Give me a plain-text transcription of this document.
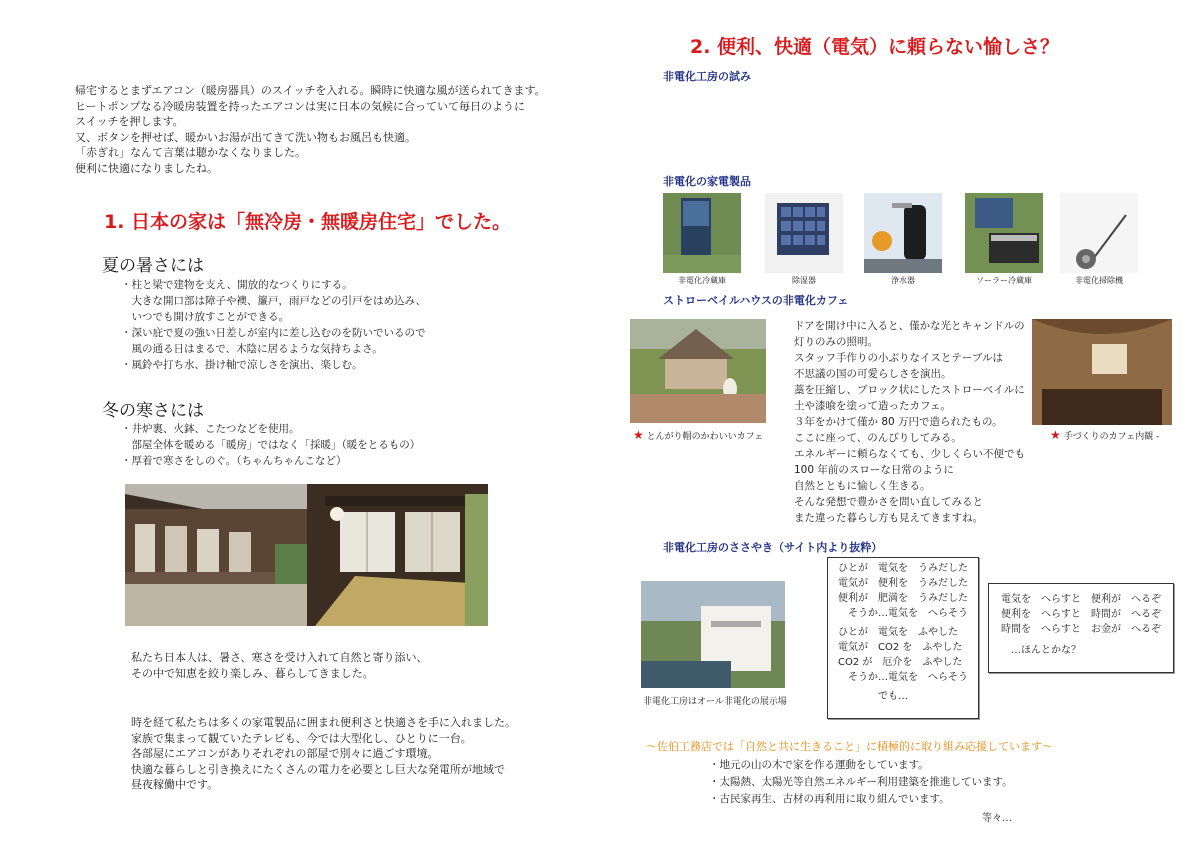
帰宅するとまずエアコン（暖房器具）のスイッチを入れる。瞬時に快適な風が送られてきます。
ヒートポンプなる冷暖房装置を持ったエアコンは実に日本の気候に合っていて毎日のように
スイッチを押します。
又、ボタンを押せば、暖かいお湯が出てきて洗い物もお風呂も快適。
「赤ぎれ」なんて言葉は聴かなくなりました。
便利に快適になりましたね。
1. 日本の家は「無冷房・無暖房住宅」でした。
夏の暑さには
・柱と梁で建物を支え、開放的なつくりにする。
　大きな開口部は障子や襖、簾戸，雨戸などの引戸をはめ込み、
　いつでも開け放すことができる。
・深い庇で夏の強い日差しが室内に差し込むのを防いでいるので
　風の通る日はまるで、木陰に居るような気持ちよさ。
・風鈴や打ち水、掛け軸で涼しさを演出、楽しむ。
冬の寒さには
・井炉裏、火鉢、こたつなどを使用。
　部屋全体を暖める「暖房」ではなく「採暖」（暖をとるもの）
・厚着で寒さをしのぐ。（ちゃんちゃんこなど）
私たち日本人は、暑さ、寒さを受け入れて自然と寄り添い、
その中で知恵を絞り楽しみ、暮らしてきました。
時を経て私たちは多くの家電製品に囲まれ便利さと快適さを手に入れました。
家族で集まって観ていたテレビも、今では大型化し、ひとりに一台。
各部屋にエアコンがありそれぞれの部屋で別々に過ごす環境。
快適な暮らしと引き換えにたくさんの電力を必要とし巨大な発電所が地域で
昼夜稼働中です。
2. 便利、快適（電気）に頼らない愉しさ？
非電化工房の試み
非電化の家電製品
非電化冷蔵庫	除湿器	浄水器	ソーラー冷蔵庫	非電化掃除機
ストローベイルハウスの非電化カフェ
★ とんがり帽のかわいいカフェ
ドアを開け中に入ると、僅かな光とキャンドルの
灯りのみの照明。
スタッフ手作りの小ぶりなイスとテーブルは
不思議の国の可愛らしさを演出。
藁を圧縮し、ブロック状にしたストローベイルに
土や漆喰を塗って造ったカフェ。
３年をかけて僅か 80 万円で造られたもの。
ここに座って、のんびりしてみる。
エネルギーに頼らなくても、少しくらい不便でも
100 年前のスローな日常のように
自然とともに愉しく生きる。
そんな発想で豊かさを問い直してみると
また違った暮らし方も見えてきますね。
★ 手づくりのカフェ内観 -
非電化工房のささやき（サイト内より抜粋）
非電化工房はオール非電化の展示場
ひとが　電気を　うみだした
電気が　便利を　うみだした
便利が　肥満を　うみだした
　そうか…電気を　へらそう
ひとが　電気を　ふやした
電気が　CO2 を　ふやした
CO2 が　厄介を　ふやした
　そうか…電気を　へらそう
　　　　でも…
電気を　へらすと　便利が　へるぞ
便利を　へらすと　時間が　へるぞ
時間を　へらすと　お金が　へるぞ
　…ほんとかな？
〜佐伯工務店では「自然と共に生きること」に積極的に取り組み応援しています〜
・地元の山の木で家を作る運動をしています。
・太陽熱、太陽光等自然エネルギー利用建築を推進しています。
・古民家再生、古材の再利用に取り組んでいます。
等々…
